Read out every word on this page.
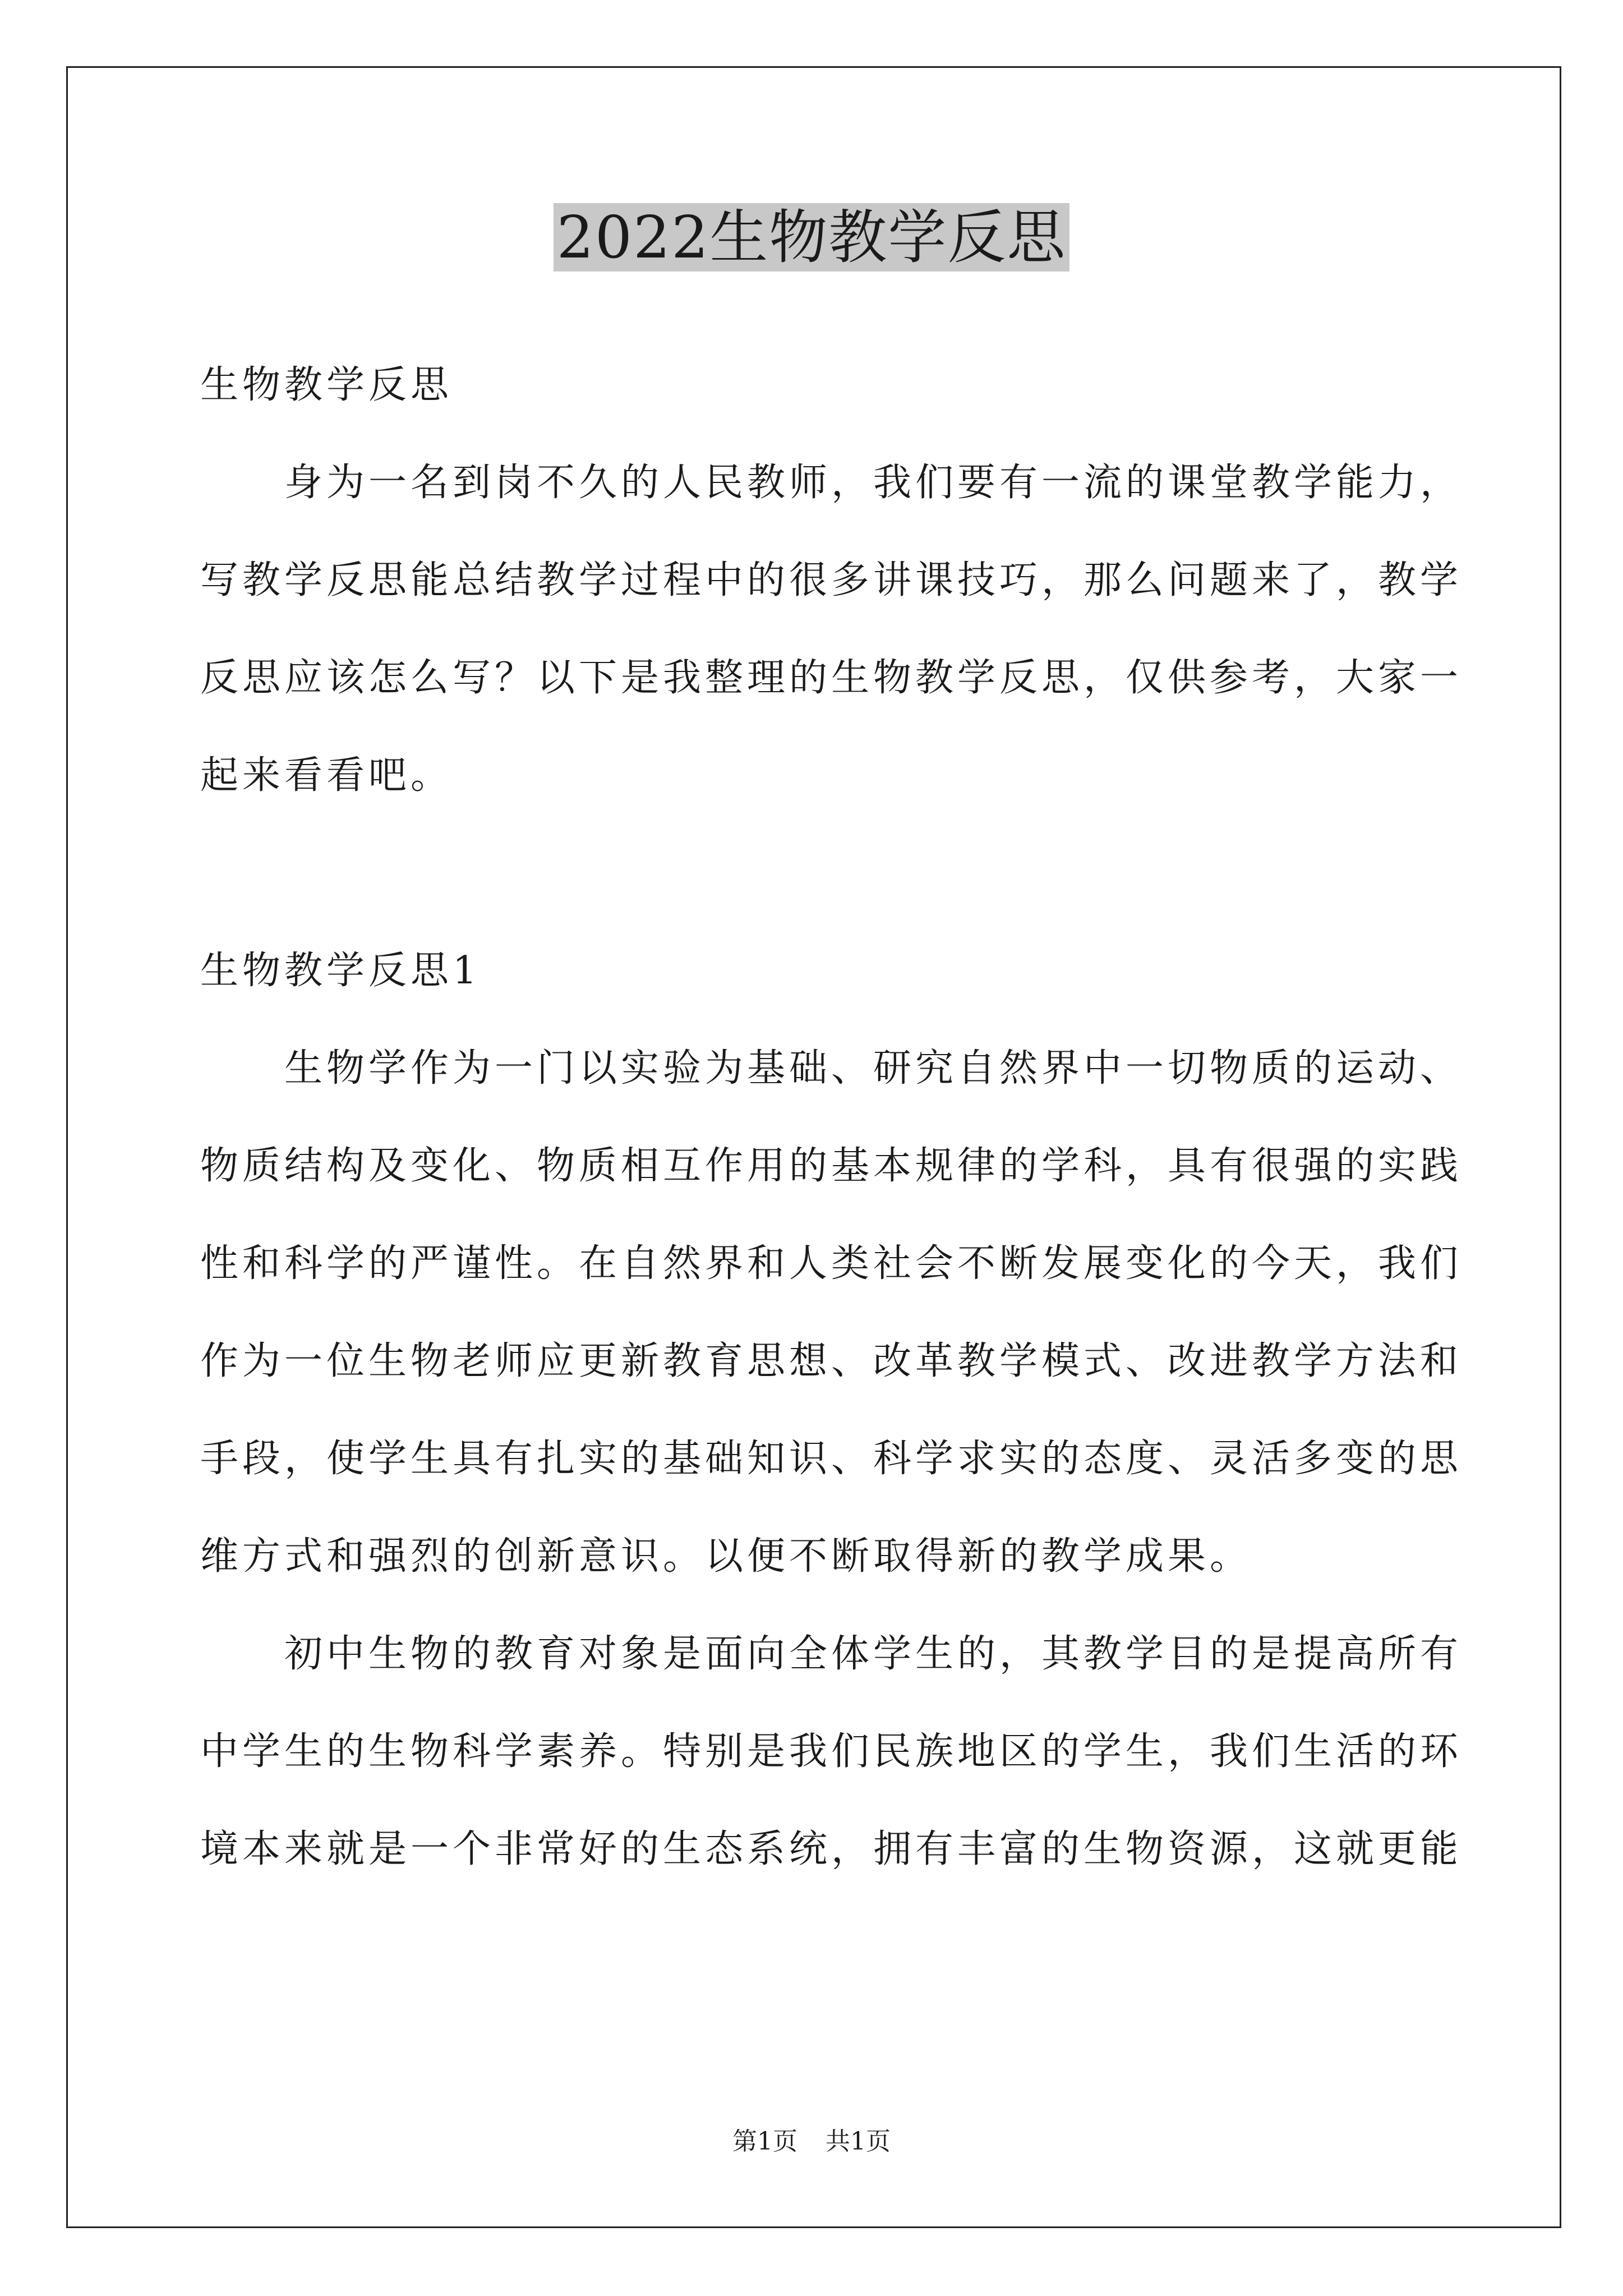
2022生物教学反思
生物教学反思
　　身为一名到岗不久的人民教师，我们要有一流的课堂教学能力，
写教学反思能总结教学过程中的很多讲课技巧，那么问题来了，教学
反思应该怎么写？以下是我整理的生物教学反思，仅供参考，大家一
起来看看吧。
生物教学反思1
　　生物学作为一门以实验为基础、研究自然界中一切物质的运动、
物质结构及变化、物质相互作用的基本规律的学科，具有很强的实践
性和科学的严谨性。在自然界和人类社会不断发展变化的今天，我们
作为一位生物老师应更新教育思想、改革教学模式、改进教学方法和
手段，使学生具有扎实的基础知识、科学求实的态度、灵活多变的思
维方式和强烈的创新意识。以便不断取得新的教学成果。
　　初中生物的教育对象是面向全体学生的，其教学目的是提高所有
中学生的生物科学素养。特别是我们民族地区的学生，我们生活的环
境本来就是一个非常好的生态系统，拥有丰富的生物资源，这就更能
第1页 共1页
